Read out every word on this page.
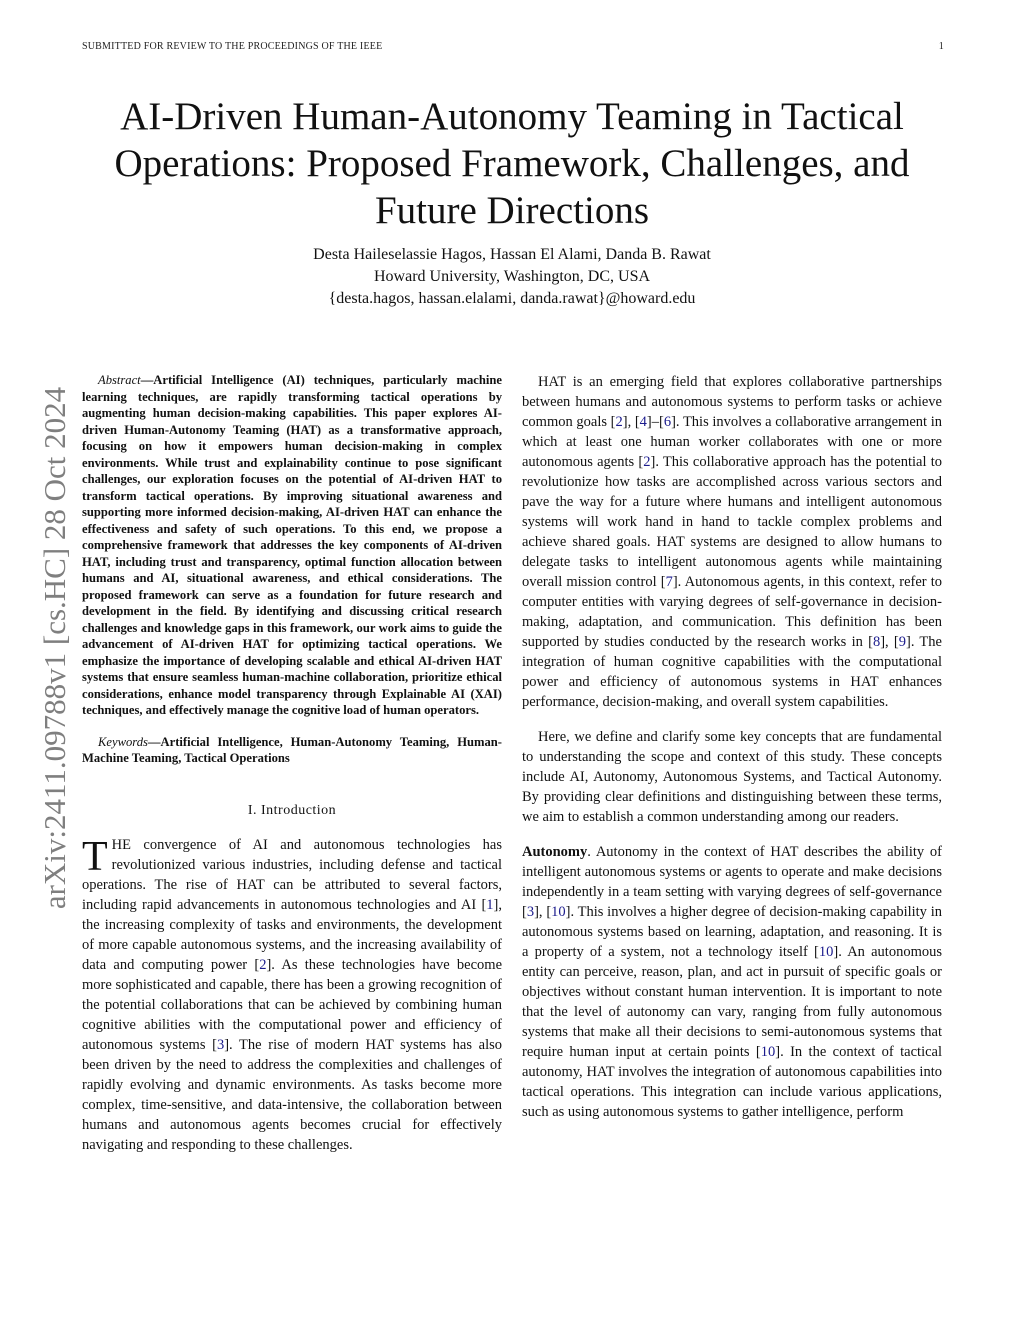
SUBMITTED FOR REVIEW TO THE PROCEEDINGS OF THE IEEE	1
AI-Driven Human-Autonomy Teaming in Tactical
Operations: Proposed Framework, Challenges, and
Future Directions
Desta Haileselassie Hagos, Hassan El Alami, Danda B. Rawat
Howard University, Washington, DC, USA
{desta.hagos, hassan.elalami, danda.rawat}@howard.edu
arXiv:2411.09788v1 [cs.HC] 28 Oct 2024

Abstract—Artificial Intelligence (AI) techniques, particularly machine learning techniques, are rapidly transforming tactical operations by augmenting human decision-making capabilities. This paper explores AI-driven Human-Autonomy Teaming (HAT) as a transformative approach, focusing on how it empowers human decision-making in complex environments. While trust and explainability continue to pose significant challenges, our exploration focuses on the potential of AI-driven HAT to transform tactical operations. By improving situational awareness and supporting more informed decision-making, AI-driven HAT can enhance the effectiveness and safety of such operations. To this end, we propose a comprehensive framework that addresses the key components of AI-driven HAT, including trust and transparency, optimal function allocation between humans and AI, situational awareness, and ethical considerations. The proposed framework can serve as a foundation for future research and development in the field. By identifying and discussing critical research challenges and knowledge gaps in this framework, our work aims to guide the advancement of AI-driven HAT for optimizing tactical operations. We emphasize the importance of developing scalable and ethical AI-driven HAT systems that ensure seamless human-machine collaboration, prioritize ethical considerations, enhance model transparency through Explainable AI (XAI) techniques, and effectively manage the cognitive load of human operators.

Keywords—Artificial Intelligence, Human-Autonomy Teaming, Human-Machine Teaming, Tactical Operations

I. Introduction

THE convergence of AI and autonomous technologies has revolutionized various industries, including defense and tactical operations. The rise of HAT can be attributed to several factors, including rapid advancements in autonomous technologies and AI [1], the increasing complexity of tasks and environments, the development of more capable autonomous systems, and the increasing availability of data and computing power [2]. As these technologies have become more sophisticated and capable, there has been a growing recognition of the potential collaborations that can be achieved by combining human cognitive abilities with the computational power and efficiency of autonomous systems [3]. The rise of modern HAT systems has also been driven by the need to address the complexities and challenges of rapidly evolving and dynamic environments. As tasks become more complex, time-sensitive, and data-intensive, the collaboration between humans and autonomous agents becomes crucial for effectively navigating and responding to these challenges.

HAT is an emerging field that explores collaborative partnerships between humans and autonomous systems to perform tasks or achieve common goals [2], [4]–[6]. This involves a collaborative arrangement in which at least one human worker collaborates with one or more autonomous agents [2]. This collaborative approach has the potential to revolutionize how tasks are accomplished across various sectors and pave the way for a future where humans and intelligent autonomous systems will work hand in hand to tackle complex problems and achieve shared goals. HAT systems are designed to allow humans to delegate tasks to intelligent autonomous agents while maintaining overall mission control [7]. Autonomous agents, in this context, refer to computer entities with varying degrees of self-governance in decision-making, adaptation, and communication. This definition has been supported by studies conducted by the research works in [8], [9]. The integration of human cognitive capabilities with the computational power and efficiency of autonomous systems in HAT enhances performance, decision-making, and overall system capabilities.

Here, we define and clarify some key concepts that are fundamental to understanding the scope and context of this study. These concepts include AI, Autonomy, Autonomous Systems, and Tactical Autonomy. By providing clear definitions and distinguishing between these terms, we aim to establish a common understanding among our readers.

Autonomy. Autonomy in the context of HAT describes the ability of intelligent autonomous systems or agents to operate and make decisions independently in a team setting with varying degrees of self-governance [3], [10]. This involves a higher degree of decision-making capability in autonomous systems based on learning, adaptation, and reasoning. It is a property of a system, not a technology itself [10]. An autonomous entity can perceive, reason, plan, and act in pursuit of specific goals or objectives without constant human intervention. It is important to note that the level of autonomy can vary, ranging from fully autonomous systems that make all their decisions to semi-autonomous systems that require human input at certain points [10]. In the context of tactical autonomy, HAT involves the integration of autonomous capabilities into tactical operations. This integration can include various applications, such as using autonomous systems to gather intelligence, perform
